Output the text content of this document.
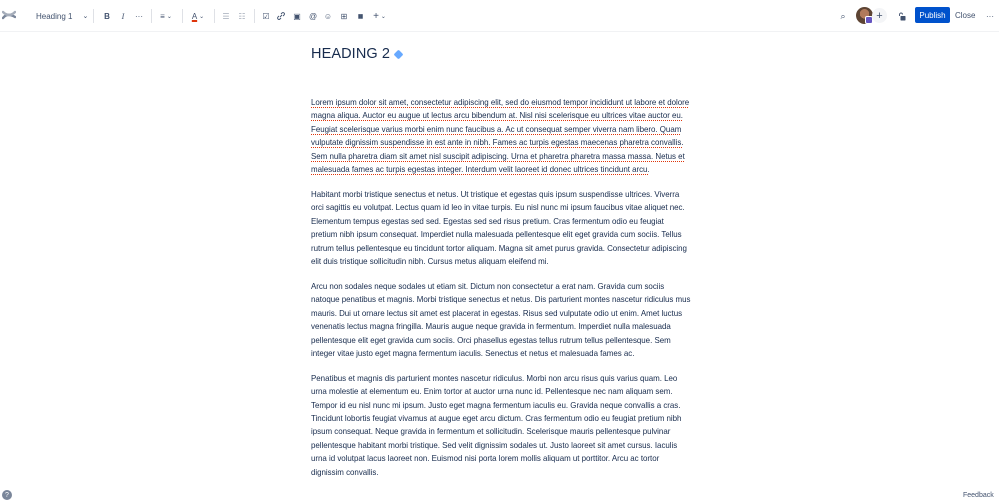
Heading 1 ⌄ B I ··· ≡ ⌄ A ⌄ ☰ ☷ ☑	▣ @ ☺ ⊞ ▮▮ + ⌄	⌕	+	Publish Close ···
HEADING 2

Lorem ipsum dolor sit amet, consectetur adipiscing elit, sed do eiusmod tempor incididunt ut labore et dolore magna aliqua. Auctor eu augue ut lectus arcu bibendum at. Nisl nisi scelerisque eu ultrices vitae auctor eu. Feugiat scelerisque varius morbi enim nunc faucibus a. Ac ut consequat semper viverra nam libero. Quam vulputate dignissim suspendisse in est ante in nibh. Fames ac turpis egestas maecenas pharetra convallis. Sem nulla pharetra diam sit amet nisl suscipit adipiscing. Urna et pharetra pharetra massa massa. Netus et malesuada fames ac turpis egestas integer. Interdum velit laoreet id donec ultrices tincidunt arcu.

Habitant morbi tristique senectus et netus. Ut tristique et egestas quis ipsum suspendisse ultrices. Viverra orci sagittis eu volutpat. Lectus quam id leo in vitae turpis. Eu nisl nunc mi ipsum faucibus vitae aliquet nec. Elementum tempus egestas sed sed. Egestas sed sed risus pretium. Cras fermentum odio eu feugiat pretium nibh ipsum consequat. Imperdiet nulla malesuada pellentesque elit eget gravida cum sociis. Tellus rutrum tellus pellentesque eu tincidunt tortor aliquam. Magna sit amet purus gravida. Consectetur adipiscing elit duis tristique sollicitudin nibh. Cursus metus aliquam eleifend mi.

Arcu non sodales neque sodales ut etiam sit. Dictum non consectetur a erat nam. Gravida cum sociis natoque penatibus et magnis. Morbi tristique senectus et netus. Dis parturient montes nascetur ridiculus mus mauris. Dui ut ornare lectus sit amet est placerat in egestas. Risus sed vulputate odio ut enim. Amet luctus venenatis lectus magna fringilla. Mauris augue neque gravida in fermentum. Imperdiet nulla malesuada pellentesque elit eget gravida cum sociis. Orci phasellus egestas tellus rutrum tellus pellentesque. Sem integer vitae justo eget magna fermentum iaculis. Senectus et netus et malesuada fames ac.

Penatibus et magnis dis parturient montes nascetur ridiculus. Morbi non arcu risus quis varius quam. Leo urna molestie at elementum eu. Enim tortor at auctor urna nunc id. Pellentesque nec nam aliquam sem. Tempor id eu nisl nunc mi ipsum. Justo eget magna fermentum iaculis eu. Gravida neque convallis a cras. Tincidunt lobortis feugiat vivamus at augue eget arcu dictum. Cras fermentum odio eu feugiat pretium nibh ipsum consequat. Neque gravida in fermentum et sollicitudin. Scelerisque mauris pellentesque pulvinar pellentesque habitant morbi tristique. Sed velit dignissim sodales ut. Justo laoreet sit amet cursus. Iaculis urna id volutpat lacus laoreet non. Euismod nisi porta lorem mollis aliquam ut porttitor. Arcu ac tortor dignissim convallis.

?	Feedback
